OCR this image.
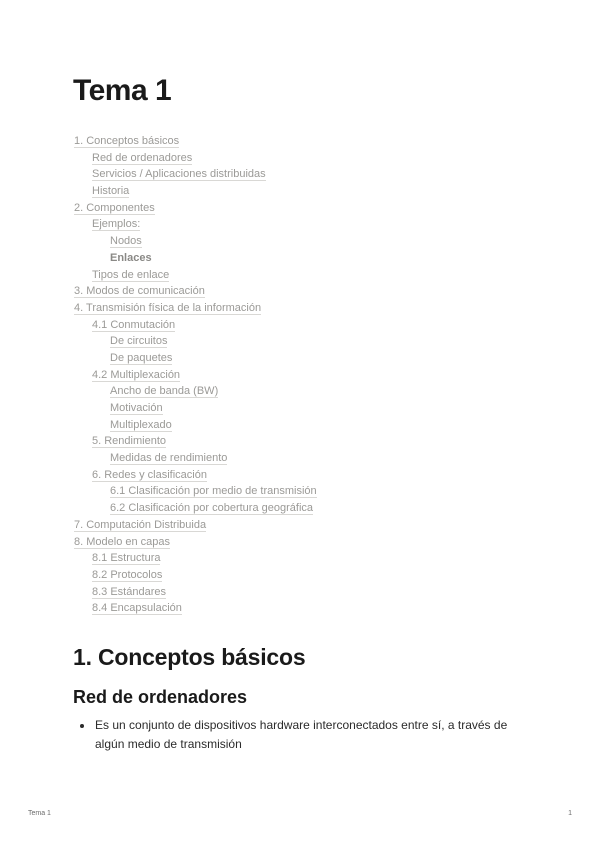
Tema 1
1. Conceptos básicos
Red de ordenadores
Servicios / Aplicaciones distribuidas
Historia
2. Componentes
Ejemplos:
Nodos
Enlaces
Tipos de enlace
3. Modos de comunicación
4. Transmisión física de la información
4.1 Conmutación
De circuitos
De paquetes
4.2 Multiplexación
Ancho de banda (BW)
Motivación
Multiplexado
5. Rendimiento
Medidas de rendimiento
6. Redes y clasificación
6.1 Clasificación por medio de transmisión
6.2 Clasificación por cobertura geográfica
7. Computación Distribuida
8. Modelo en capas
8.1 Estructura
8.2 Protocolos
8.3 Estándares
8.4 Encapsulación
1. Conceptos básicos
Red de ordenadores
Es un conjunto de dispositivos hardware interconectados entre sí, a través de algún medio de transmisión
Tema 1	1
